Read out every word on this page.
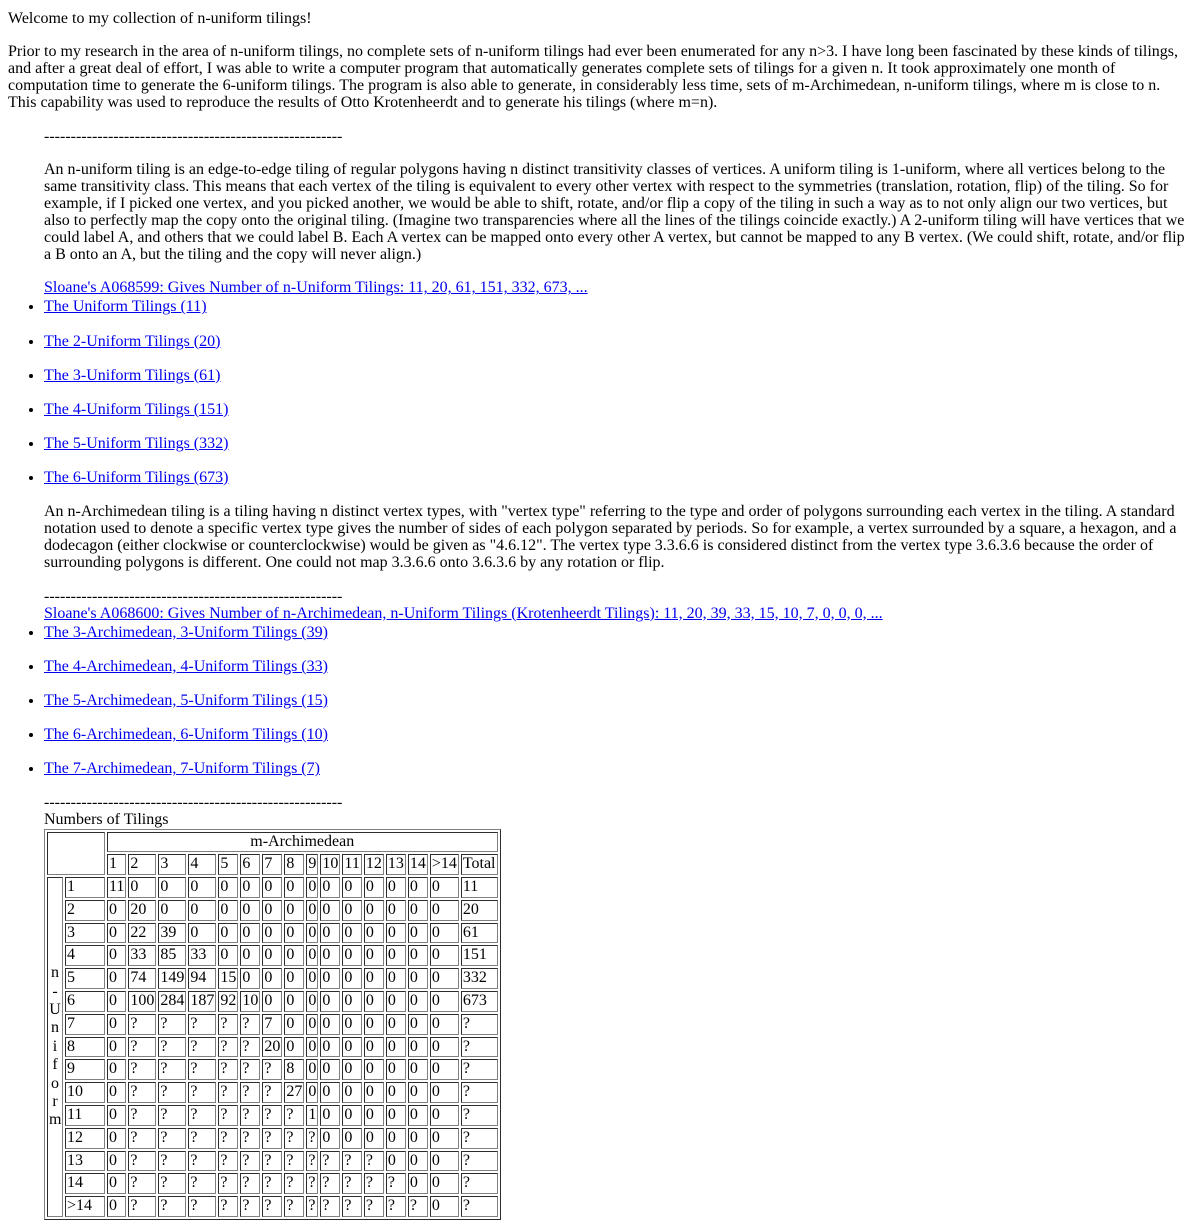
Welcome to my collection of n-uniform tilings!

Prior to my research in the area of n-uniform tilings, no complete sets of n-uniform tilings had ever been enumerated for any n>3. I have long been fascinated by these kinds of tilings, and after a great deal of effort, I was able to write a computer program that automatically generates complete sets of tilings for a given n. It took approximately one month of computation time to generate the 6-uniform tilings. The program is also able to generate, in considerably less time, sets of m-Archimedean, n-uniform tilings, where m is close to n. This capability was used to reproduce the results of Otto Krotenheerdt and to generate his tilings (where m=n).

--------------------------------------------------------

An n-uniform tiling is an edge-to-edge tiling of regular polygons having n distinct transitivity classes of vertices. A uniform tiling is 1-uniform, where all vertices belong to the same transitivity class. This means that each vertex of the tiling is equivalent to every other vertex with respect to the symmetries (translation, rotation, flip) of the tiling. So for example, if I picked one vertex, and you picked another, we would be able to shift, rotate, and/or flip a copy of the tiling in such a way as to not only align our two vertices, but also to perfectly map the copy onto the original tiling. (Imagine two transparencies where all the lines of the tilings coincide exactly.) A 2-uniform tiling will have vertices that we could label A, and others that we could label B. Each A vertex can be mapped onto every other A vertex, but cannot be mapped to any B vertex. (We could shift, rotate, and/or flip a B onto an A, but the tiling and the copy will never align.)

Sloane's A068599: Gives Number of n-Uniform Tilings: 11, 20, 61, 151, 332, 673, ...

• The Uniform Tilings (11)
• The 2-Uniform Tilings (20)
• The 3-Uniform Tilings (61)
• The 4-Uniform Tilings (151)
• The 5-Uniform Tilings (332)
• The 6-Uniform Tilings (673)

An n-Archimedean tiling is a tiling having n distinct vertex types, with "vertex type" referring to the type and order of polygons surrounding each vertex in the tiling. A standard notation used to denote a specific vertex type gives the number of sides of each polygon separated by periods. So for example, a vertex surrounded by a square, a hexagon, and a dodecagon (either clockwise or counterclockwise) would be given as "4.6.12". The vertex type 3.3.6.6 is considered distinct from the vertex type 3.6.3.6 because the order of surrounding polygons is different. One could not map 3.3.6.6 onto 3.6.3.6 by any rotation or flip.

--------------------------------------------------------

Sloane's A068600: Gives Number of n-Archimedean, n-Uniform Tilings (Krotenheerdt Tilings): 11, 20, 39, 33, 15, 10, 7, 0, 0, 0, ...

• The 3-Archimedean, 3-Uniform Tilings (39)
• The 4-Archimedean, 4-Uniform Tilings (33)
• The 5-Archimedean, 5-Uniform Tilings (15)
• The 6-Archimedean, 6-Uniform Tilings (10)
• The 7-Archimedean, 7-Uniform Tilings (7)

--------------------------------------------------------

Numbers of Tilings

		m-Archimedean															
		1	2	3	4	5	6	7	8	9	10	11	12	13	14	>14	Total
n
-
U
n
i
f
o
r
m	1	11	0	0	0	0	0	0	0	0	0	0	0	0	0	0	11
	2	0	20	0	0	0	0	0	0	0	0	0	0	0	0	0	20
	3	0	22	39	0	0	0	0	0	0	0	0	0	0	0	0	61
	4	0	33	85	33	0	0	0	0	0	0	0	0	0	0	0	151
	5	0	74	149	94	15	0	0	0	0	0	0	0	0	0	0	332
	6	0	100	284	187	92	10	0	0	0	0	0	0	0	0	0	673
	7	0	?	?	?	?	?	7	0	0	0	0	0	0	0	0	?
	8	0	?	?	?	?	?	20	0	0	0	0	0	0	0	0	?
	9	0	?	?	?	?	?	?	8	0	0	0	0	0	0	0	?
	10	0	?	?	?	?	?	?	27	0	0	0	0	0	0	0	?
	11	0	?	?	?	?	?	?	?	1	0	0	0	0	0	0	?
	12	0	?	?	?	?	?	?	?	?	0	0	0	0	0	0	?
	13	0	?	?	?	?	?	?	?	?	?	?	?	0	0	0	?
	14	0	?	?	?	?	?	?	?	?	?	?	?	?	0	0	?
	>14	0	?	?	?	?	?	?	?	?	?	?	?	?	?	0	?
